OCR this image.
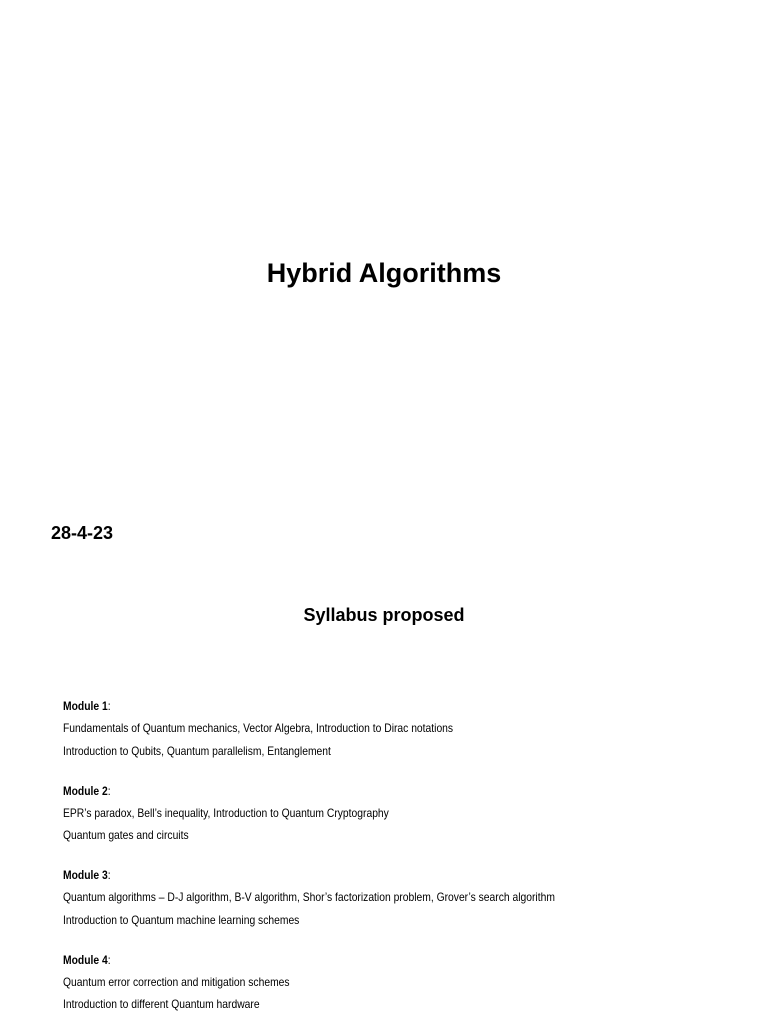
Hybrid Algorithms
28-4-23
Syllabus proposed
Module 1:
Fundamentals of Quantum mechanics, Vector Algebra, Introduction to Dirac notations
Introduction to Qubits, Quantum parallelism, Entanglement
Module 2:
EPR’s paradox, Bell’s inequality, Introduction to Quantum Cryptography
Quantum gates and circuits
Module 3:
Quantum algorithms – D-J algorithm, B-V algorithm, Shor’s factorization problem, Grover’s search algorithm
Introduction to Quantum machine learning schemes
Module 4:
Quantum error correction and mitigation schemes
Introduction to different Quantum hardware
